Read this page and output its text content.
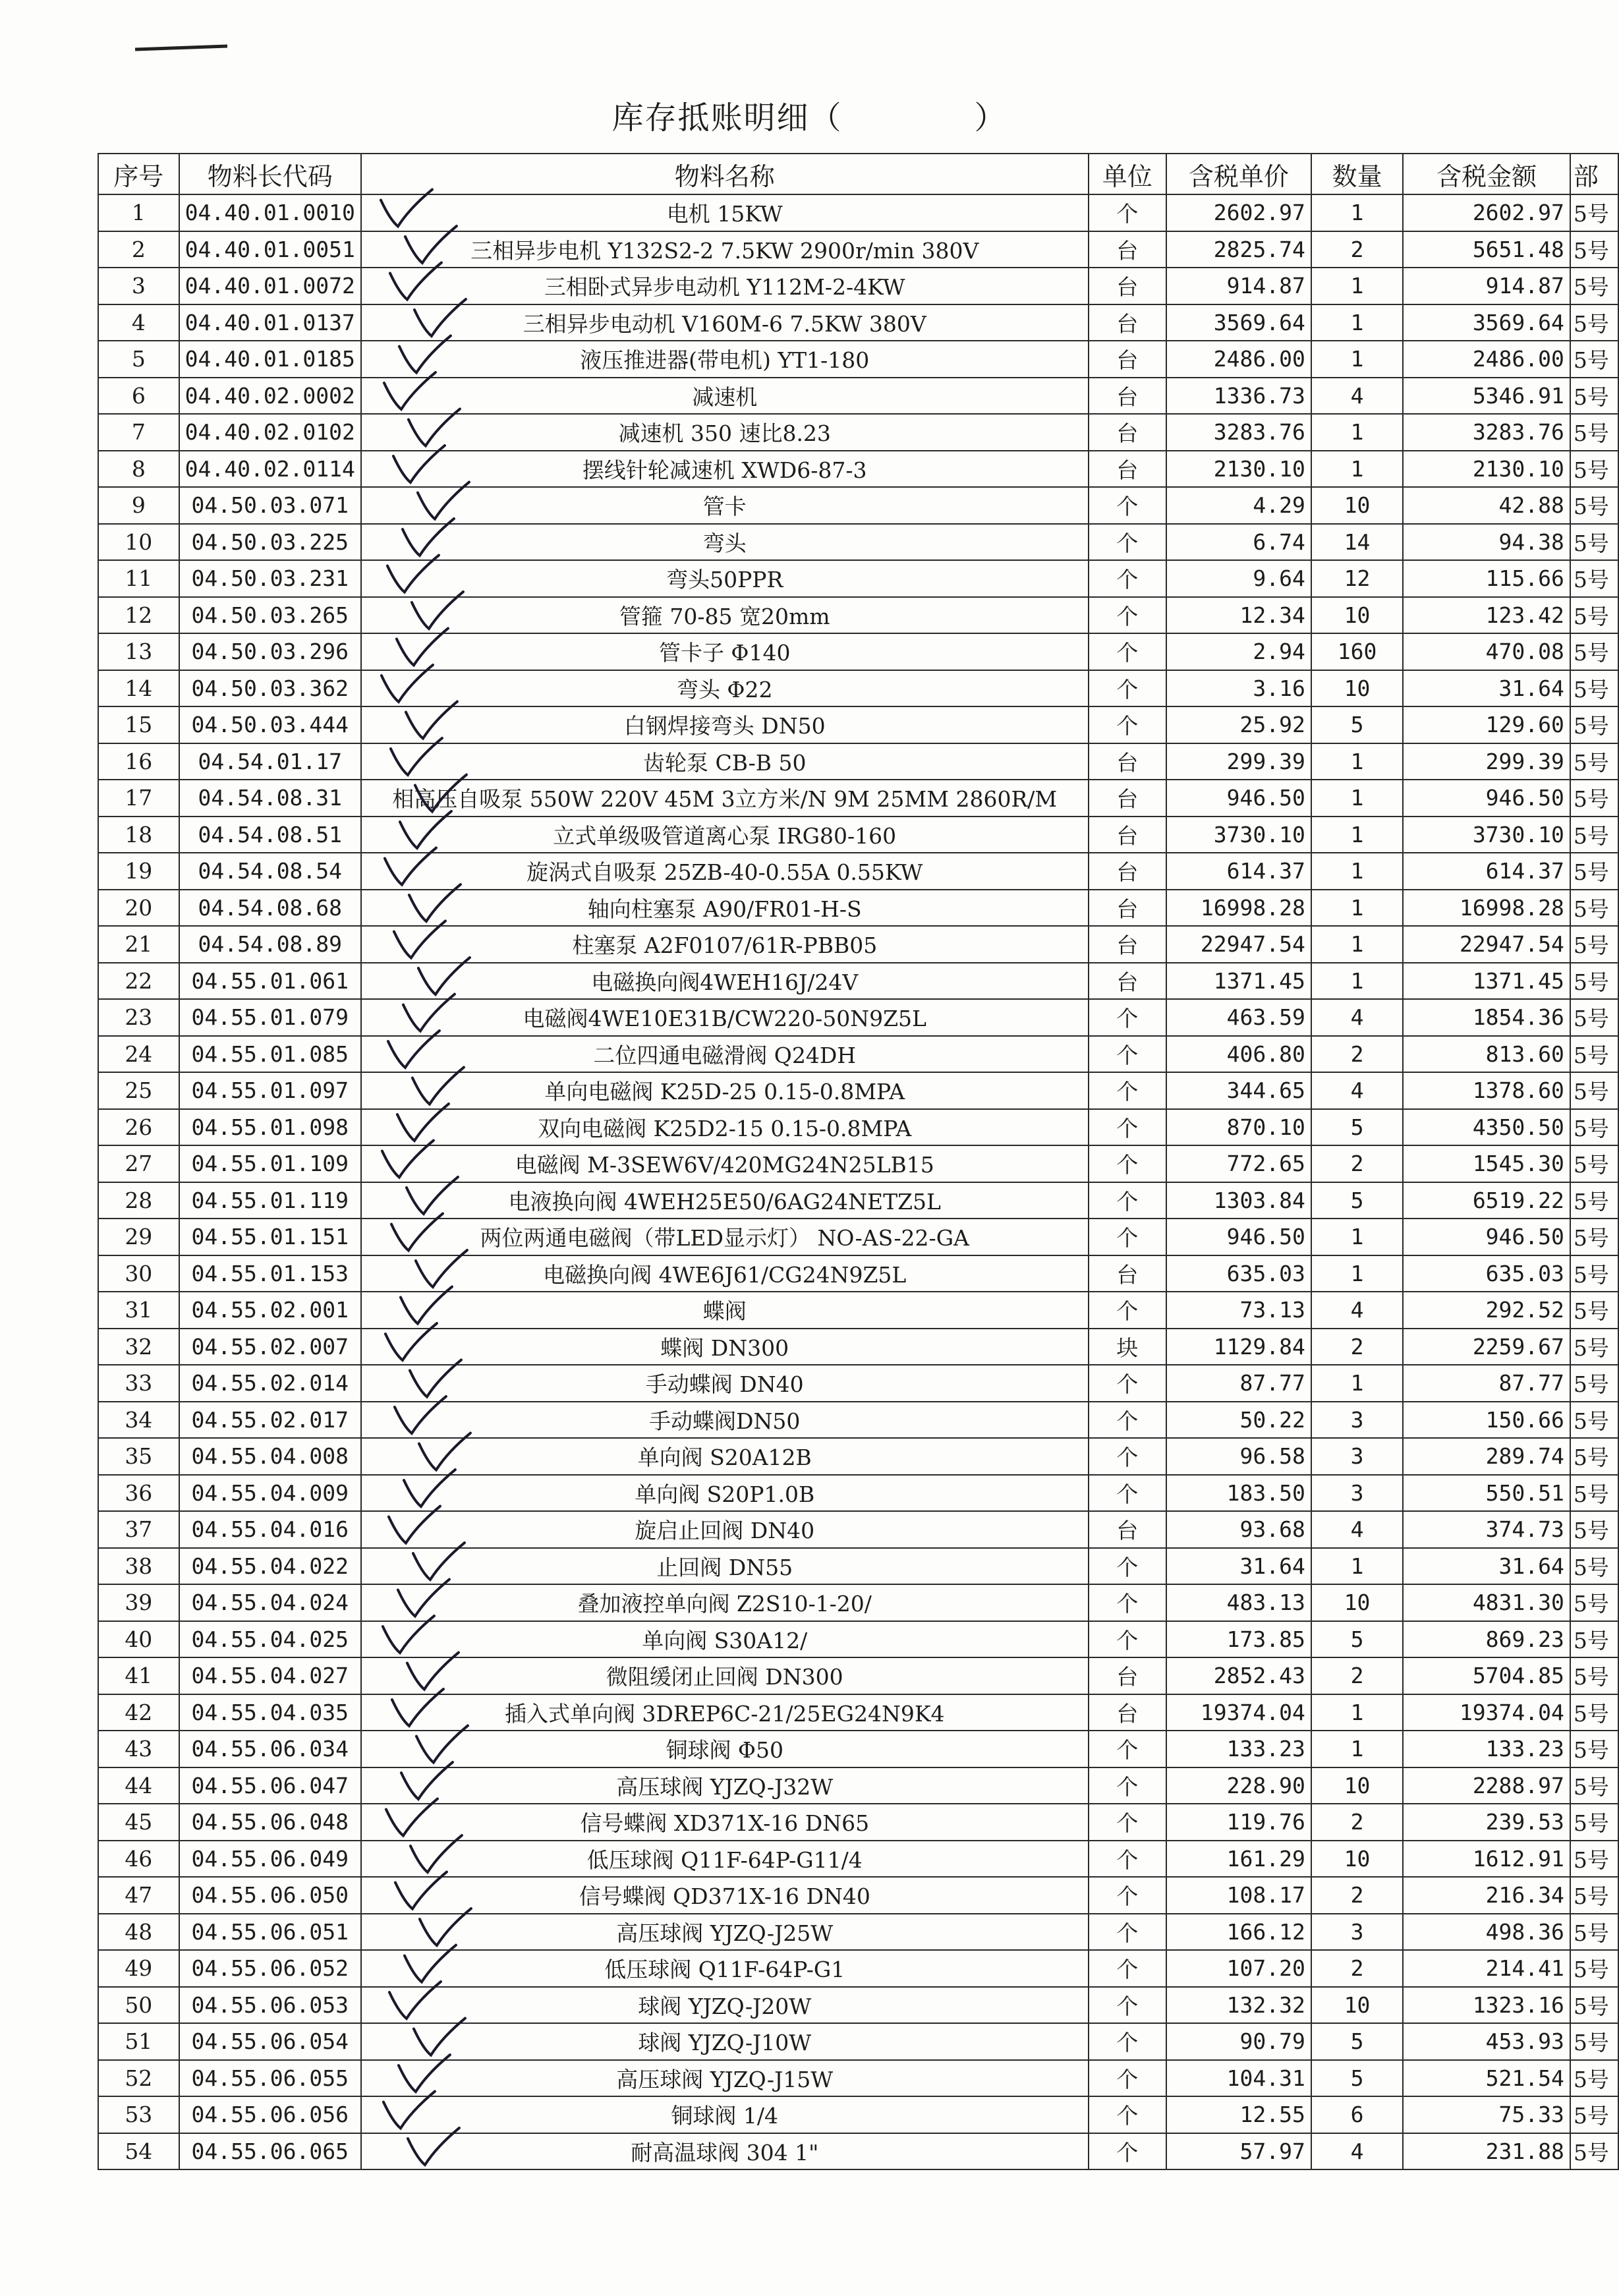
库存抵账明细（	）
序号	物料长代码	物料名称	单位	含税单价	数量	含税金额	部
1	04.40.01.0010	电机 15KW	个	2602.97	1	2602.97	5号
2	04.40.01.0051	三相异步电机 Y132S2-2 7.5KW 2900r/min 380V	台	2825.74	2	5651.48	5号
3	04.40.01.0072	三相卧式异步电动机 Y112M-2-4KW	台	914.87	1	914.87	5号
4	04.40.01.0137	三相异步电动机 V160M-6 7.5KW 380V	台	3569.64	1	3569.64	5号
5	04.40.01.0185	液压推进器(带电机) YT1-180	台	2486.00	1	2486.00	5号
6	04.40.02.0002	减速机	台	1336.73	4	5346.91	5号
7	04.40.02.0102	减速机 350 速比8.23	台	3283.76	1	3283.76	5号
8	04.40.02.0114	摆线针轮减速机 XWD6-87-3	台	2130.10	1	2130.10	5号
9	04.50.03.071	管卡	个	4.29	10	42.88	5号
10	04.50.03.225	弯头	个	6.74	14	94.38	5号
11	04.50.03.231	弯头50PPR	个	9.64	12	115.66	5号
12	04.50.03.265	管箍 70-85 宽20mm	个	12.34	10	123.42	5号
13	04.50.03.296	管卡子 Φ140	个	2.94	160	470.08	5号
14	04.50.03.362	弯头 Φ22	个	3.16	10	31.64	5号
15	04.50.03.444	白钢焊接弯头 DN50	个	25.92	5	129.60	5号
16	04.54.01.17	齿轮泵 CB-B 50	台	299.39	1	299.39	5号
17	04.54.08.31	相高压自吸泵 550W 220V 45M 3立方米/N 9M 25MM 2860R/M	台	946.50	1	946.50	5号
18	04.54.08.51	立式单级吸管道离心泵 IRG80-160	台	3730.10	1	3730.10	5号
19	04.54.08.54	旋涡式自吸泵 25ZB-40-0.55A 0.55KW	台	614.37	1	614.37	5号
20	04.54.08.68	轴向柱塞泵 A90/FR01-H-S	台	16998.28	1	16998.28	5号
21	04.54.08.89	柱塞泵 A2F0107/61R-PBB05	台	22947.54	1	22947.54	5号
22	04.55.01.061	电磁换向阀4WEH16J/24V	台	1371.45	1	1371.45	5号
23	04.55.01.079	电磁阀4WE10E31B/CW220-50N9Z5L	个	463.59	4	1854.36	5号
24	04.55.01.085	二位四通电磁滑阀 Q24DH	个	406.80	2	813.60	5号
25	04.55.01.097	单向电磁阀 K25D-25 0.15-0.8MPA	个	344.65	4	1378.60	5号
26	04.55.01.098	双向电磁阀 K25D2-15 0.15-0.8MPA	个	870.10	5	4350.50	5号
27	04.55.01.109	电磁阀 M-3SEW6V/420MG24N25LB15	个	772.65	2	1545.30	5号
28	04.55.01.119	电液换向阀 4WEH25E50/6AG24NETZ5L	个	1303.84	5	6519.22	5号
29	04.55.01.151	两位两通电磁阀（带LED显示灯） NO-AS-22-GA	个	946.50	1	946.50	5号
30	04.55.01.153	电磁换向阀 4WE6J61/CG24N9Z5L	台	635.03	1	635.03	5号
31	04.55.02.001	蝶阀	个	73.13	4	292.52	5号
32	04.55.02.007	蝶阀 DN300	块	1129.84	2	2259.67	5号
33	04.55.02.014	手动蝶阀 DN40	个	87.77	1	87.77	5号
34	04.55.02.017	手动蝶阀DN50	个	50.22	3	150.66	5号
35	04.55.04.008	单向阀 S20A12B	个	96.58	3	289.74	5号
36	04.55.04.009	单向阀 S20P1.0B	个	183.50	3	550.51	5号
37	04.55.04.016	旋启止回阀 DN40	台	93.68	4	374.73	5号
38	04.55.04.022	止回阀 DN55	个	31.64	1	31.64	5号
39	04.55.04.024	叠加液控单向阀 Z2S10-1-20/	个	483.13	10	4831.30	5号
40	04.55.04.025	单向阀 S30A12/	个	173.85	5	869.23	5号
41	04.55.04.027	微阻缓闭止回阀 DN300	台	2852.43	2	5704.85	5号
42	04.55.04.035	插入式单向阀 3DREP6C-21/25EG24N9K4	台	19374.04	1	19374.04	5号
43	04.55.06.034	铜球阀 Φ50	个	133.23	1	133.23	5号
44	04.55.06.047	高压球阀 YJZQ-J32W	个	228.90	10	2288.97	5号
45	04.55.06.048	信号蝶阀 XD371X-16 DN65	个	119.76	2	239.53	5号
46	04.55.06.049	低压球阀 Q11F-64P-G11/4	个	161.29	10	1612.91	5号
47	04.55.06.050	信号蝶阀 QD371X-16 DN40	个	108.17	2	216.34	5号
48	04.55.06.051	高压球阀 YJZQ-J25W	个	166.12	3	498.36	5号
49	04.55.06.052	低压球阀 Q11F-64P-G1	个	107.20	2	214.41	5号
50	04.55.06.053	球阀 YJZQ-J20W	个	132.32	10	1323.16	5号
51	04.55.06.054	球阀 YJZQ-J10W	个	90.79	5	453.93	5号
52	04.55.06.055	高压球阀 YJZQ-J15W	个	104.31	5	521.54	5号
53	04.55.06.056	铜球阀 1/4	个	12.55	6	75.33	5号
54	04.55.06.065	耐高温球阀 304 1"	个	57.97	4	231.88	5号
